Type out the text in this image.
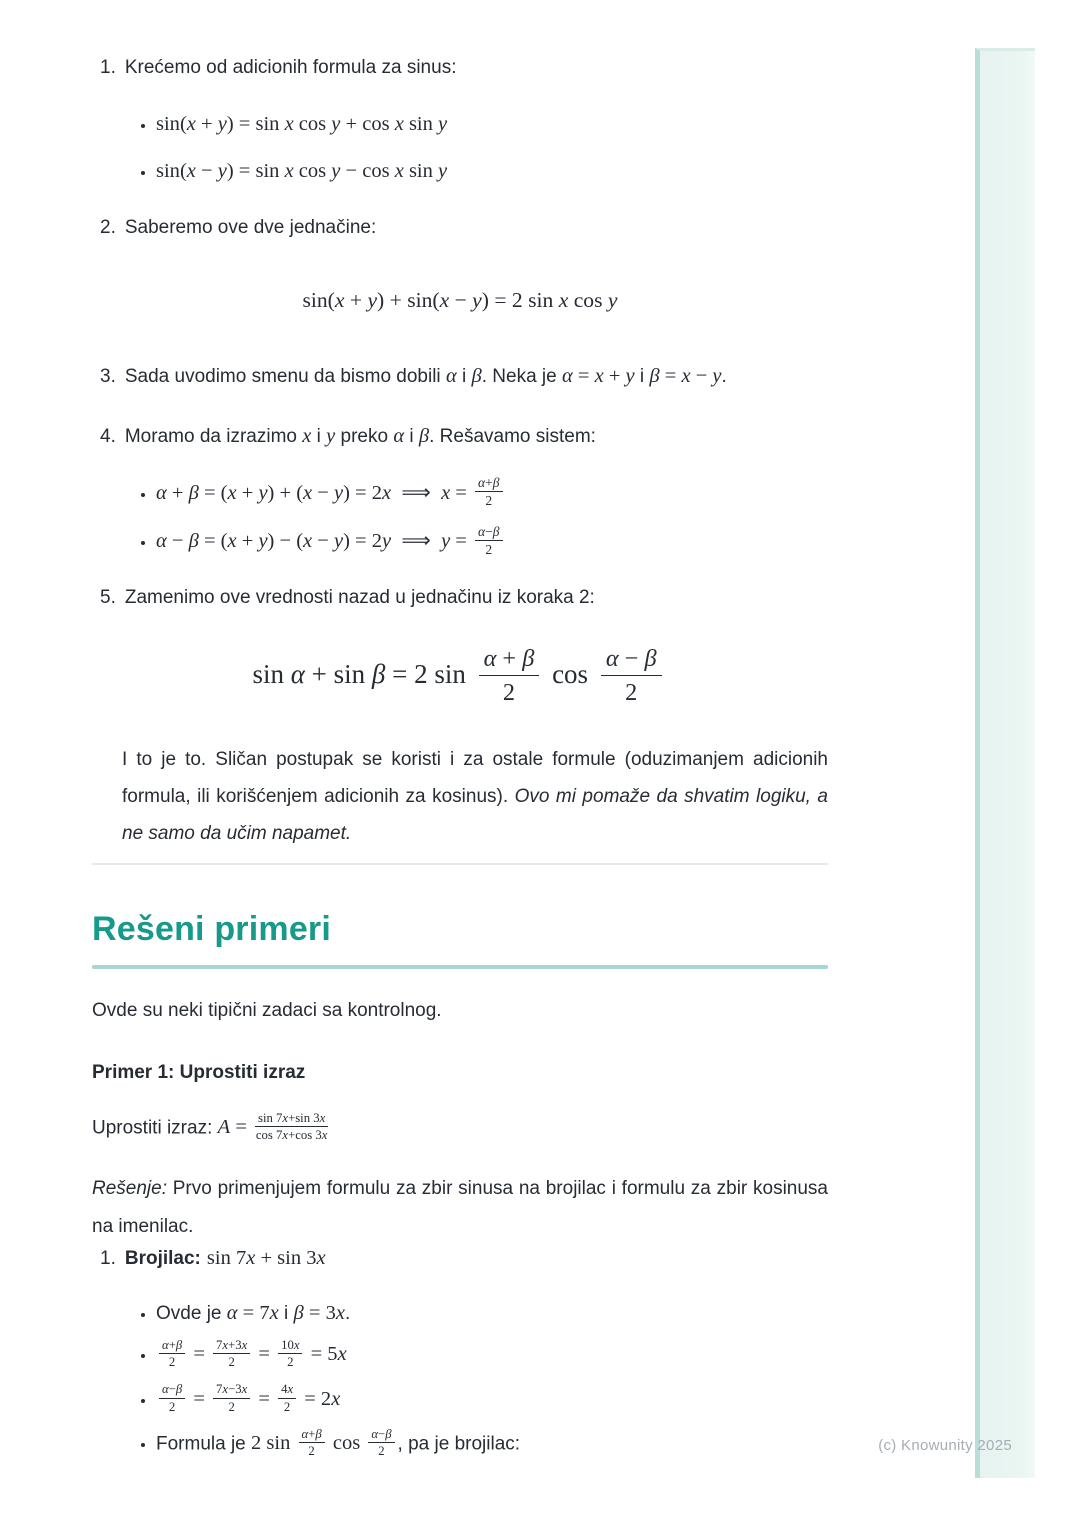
1. Krećemo od adicionih formula za sinus:
• sin(x + y) = sin x cos y + cos x sin y
• sin(x − y) = sin x cos y − cos x sin y
2. Saberemo ove dve jednačine:
sin(x + y) + sin(x − y) = 2 sin x cos y
3. Sada uvodimo smenu da bismo dobili α i β. Neka je α = x + y i β = x − y.
4. Moramo da izrazimo x i y preko α i β. Rešavamo sistem:
• α + β = (x + y) + (x − y) = 2x  ⟹  $x = \frac{\alpha+\beta}{2}$
• α − β = (x + y) − (x − y) = 2y  ⟹  $y = \frac{\alpha-\beta}{2}$
5. Zamenimo ove vrednosti nazad u jednačinu iz koraka 2:
sin α + sin β = 2 $\sin \frac{\alpha + \beta}{2}$ $\cos \frac{\alpha - \beta}{2}$

I to je to. Sličan postupak se koristi i za ostale formule (oduzimanjem adicionih formula, ili korišćenjem adicionih za kosinus). Ovo mi pomaže da shvatim logiku, a ne samo da učim napamet.

Rešeni primeri

Ovde su neki tipični zadaci sa kontrolnog.

Primer 1: Uprostiti izraz

Uprostiti izraz: $A = \frac{\sin 7x+\sin 3x}{\cos 7x+\cos 3x}$

Rešenje: Prvo primenjujem formulu za zbir sinusa na brojilac i formulu za zbir kosinusa na imenilac.

1. Brojilac: sin 7x + sin 3x
• Ovde je α = 7x i β = 3x.
• $\frac{\alpha+\beta}{2} = \frac{7x+3x}{2} = \frac{10x}{2} = 5x$
• $\frac{\alpha-\beta}{2} = \frac{7x-3x}{2} = \frac{4x}{2} = 2x$
• Formula je 2 $\sin \frac{\alpha+\beta}{2}$ $\cos \frac{\alpha-\beta}{2}$ , pa je brojilac:	(c) Knowunity 2025
